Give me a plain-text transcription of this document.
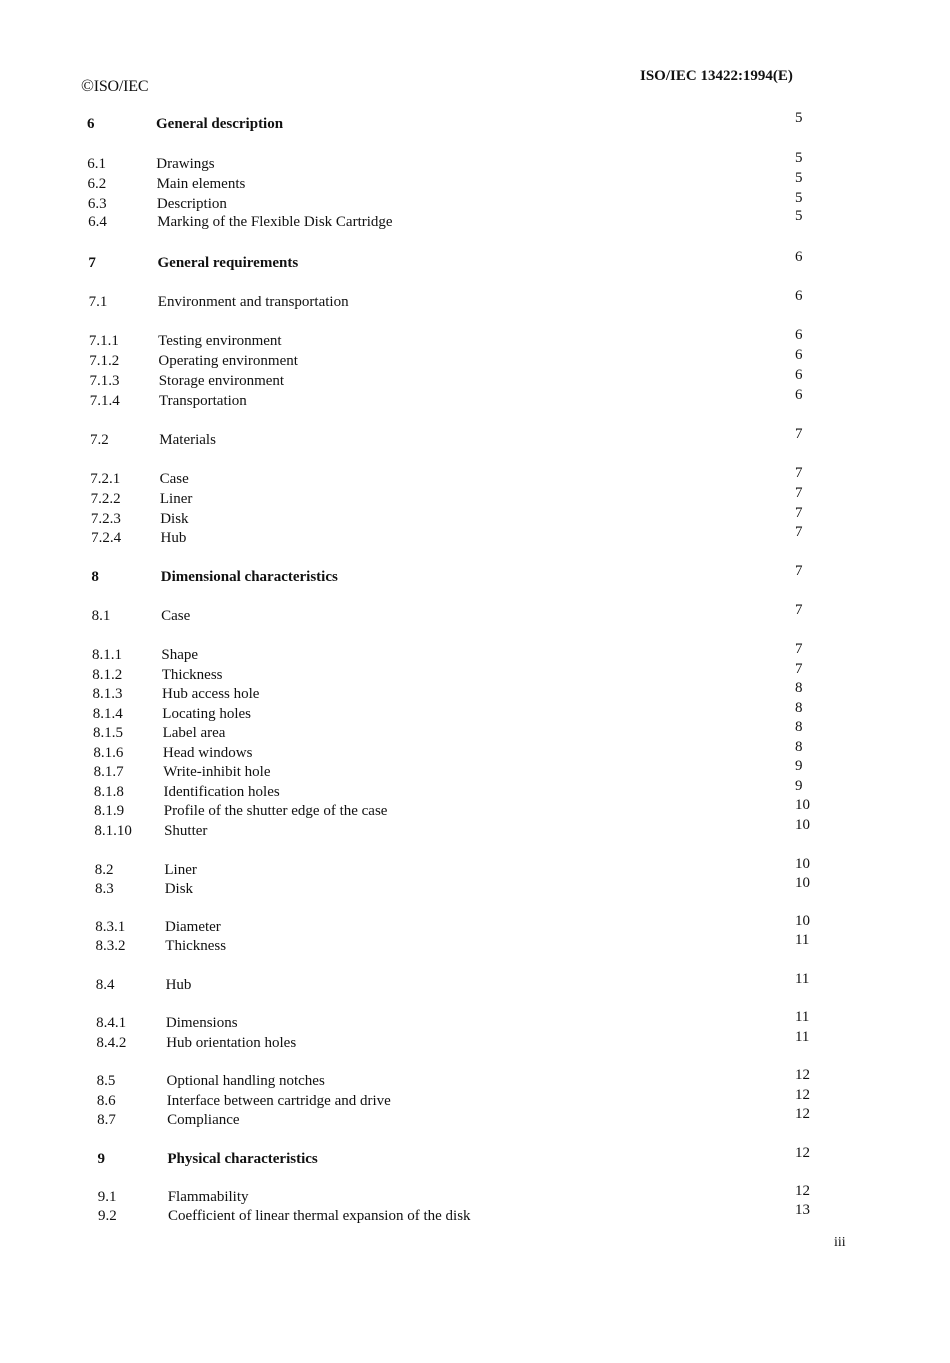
©ISO/IEC
ISO/IEC 13422:1994(E)
6	General description	5
6.1	Drawings	5
6.2	Main elements	5
6.3	Description	5
6.4	Marking of the Flexible Disk Cartridge	5
7	General requirements	6
7.1	Environment and transportation	6
7.1.1	Testing environment	6
7.1.2	Operating environment	6
7.1.3	Storage environment	6
7.1.4	Transportation	6
7.2	Materials	7
7.2.1	Case	7
7.2.2	Liner	7
7.2.3	Disk	7
7.2.4	Hub	7
8	Dimensional characteristics	7
8.1	Case	7
8.1.1	Shape	7
8.1.2	Thickness	7
8.1.3	Hub access hole	8
8.1.4	Locating holes	8
8.1.5	Label area	8
8.1.6	Head windows	8
8.1.7	Write-inhibit hole	9
8.1.8	Identification holes	9
8.1.9	Profile of the shutter edge of the case	10
8.1.10 Shutter	10
8.2	Liner	10
8.3	Disk	10
8.3.1	Diameter	10
8.3.2	Thickness	11
8.4	Hub	11
8.4.1	Dimensions	11
8.4.2	Hub orientation holes	11
8.5	Optional handling notches	12
8.6	Interface between cartridge and drive	12
8.7	Compliance	12
9	Physical characteristics	12
9.1	Flammability	12
9.2	Coefficient of linear thermal expansion of the disk	13
iii
